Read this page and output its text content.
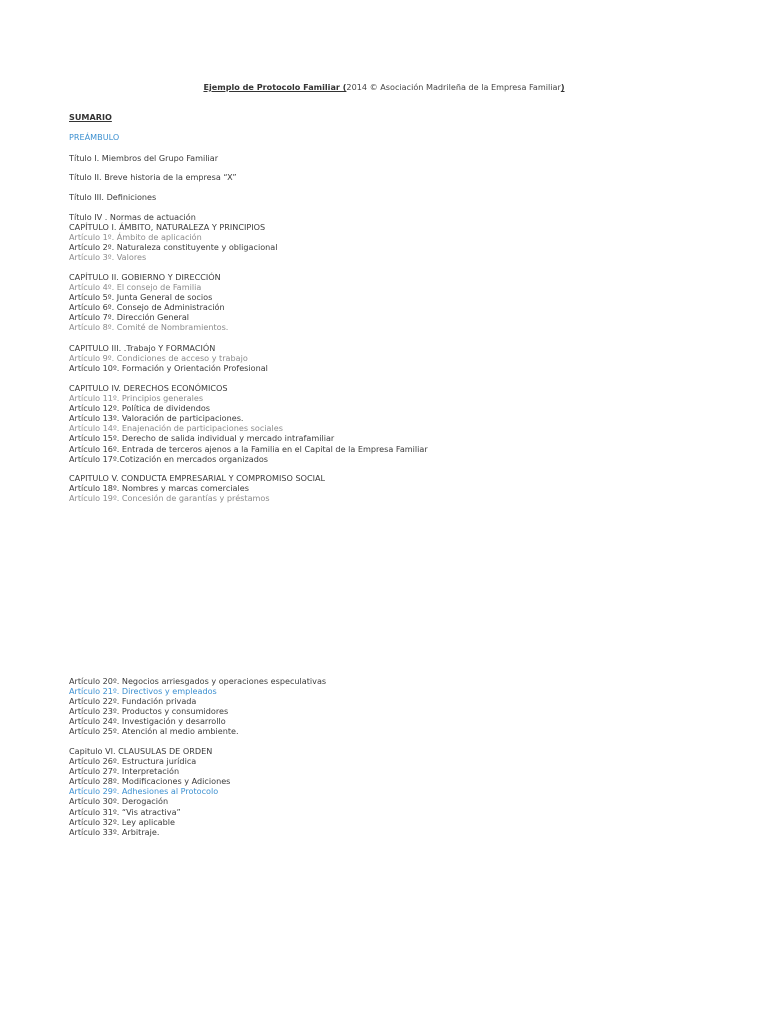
Ejemplo de Protocolo Familiar (2014 © Asociación Madrileña de la Empresa Familiar)
SUMARIO
PREÁMBULO
Título I. Miembros del Grupo Familiar
Título II. Breve historia de la empresa “X”
Título III. Definiciones
Título IV . Normas de actuación
CAPÍTULO I. ÁMBITO, NATURALEZA Y PRINCIPIOS
Artículo 1º. Ámbito de aplicación
Artículo 2º. Naturaleza constituyente y obligacional
Artículo 3º. Valores
CAPÍTULO II. GOBIERNO Y DIRECCIÓN
Artículo 4º. El consejo de Familia
Artículo 5º. Junta General de socios
Artículo 6º. Consejo de Administración
Artículo 7º. Dirección General
Artículo 8º. Comité de Nombramientos.
CAPITULO III. .Trabajo Y FORMACIÓN
Artículo 9º. Condiciones de acceso y trabajo
Artículo 10º. Formación y Orientación Profesional
CAPITULO IV. DERECHOS ECONÓMICOS
Artículo 11º. Principios generales
Artículo 12º. Política de dividendos
Artículo 13º. Valoración de participaciones.
Artículo 14º. Enajenación de participaciones sociales
Artículo 15º. Derecho de salida individual y mercado intrafamiliar
Artículo 16º. Entrada de terceros ajenos a la Familia en el Capital de la Empresa Familiar
Artículo 17º.Cotización en mercados organizados
CAPITULO V. CONDUCTA EMPRESARIAL Y COMPROMISO SOCIAL
Artículo 18º. Nombres y marcas comerciales
Artículo 19º. Concesión de garantías y préstamos
Artículo 20º. Negocios arriesgados y operaciones especulativas
Artículo 21º. Directivos y empleados
Artículo 22º. Fundación privada
Artículo 23º. Productos y consumidores
Artículo 24º. Investigación y desarrollo
Artículo 25º. Atención al medio ambiente.
Capitulo VI. CLAUSULAS DE ORDEN
Artículo 26º. Estructura jurídica
Artículo 27º. Interpretación
Artículo 28º. Modificaciones y Adiciones
Artículo 29º. Adhesiones al Protocolo
Artículo 30º. Derogación
Artículo 31º. “Vis atractiva”
Artículo 32º. Ley aplicable
Artículo 33º. Arbitraje.
